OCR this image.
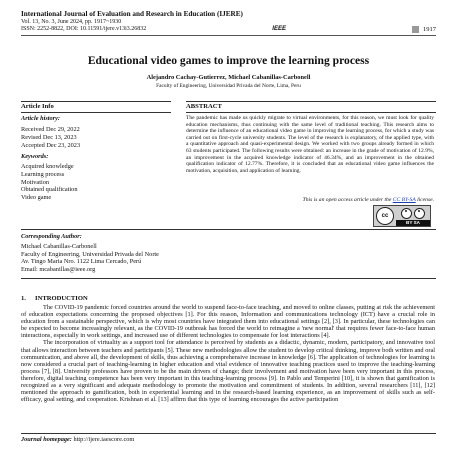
International Journal of Evaluation and Research in Education (IJERE)
Vol. 13, No. 3, June 2024, pp. 1917~1930
ISSN: 2252-8822, DOI: 10.11591/ijere.v13i3.26832	IEEE	1917
Educational video games to improve the learning process
Alejandro Cachay-Gutierrez, Michael Cabanillas-Carbonell
Faculty of Engineering, Universidad Privada del Norte, Lima, Peru
Article Info	ABSTRACT
Article history:
Received Dec 29, 2022
Revised Dec 13, 2023
Accepted Dec 23, 2023
Keywords:
Acquired knowledge
Learning process
Motivation
Obtained qualification
Video game
The pandemic has made us quickly migrate to virtual environments, for this reason, we must look for quality education mechanisms, thus continuing with the same level of traditional teaching. This research aims to determine the influence of an educational video game in improving the learning process, for which a study was carried out on first-cycle university students. The level of the research is explanatory, of the applied type, with a quantitative approach and quasi-experimental design. We worked with two groups already formed in which 63 students participated. The following results were obtained: an increase in the grade of motivation of 12.9%, an improvement in the acquired knowledge indicator of 46.34%, and an improvement in the obtained qualification indicator of 12.77%. Therefore, it is concluded that an educational video game influences the motivation, acquisition, and application of learning.
This is an open access article under the CC BY-SA license.
cc
BY SA
Corresponding Author:
Michael Cabanillas-Carbonell
Faculty of Engineering, Universidad Privada del Norte
Av. Tingo Maria Nro. 1122 Lima Cercado, Perú
Email: mcabanillas@ieee.org
1. INTRODUCTION

The COVID-19 pandemic forced countries around the world to suspend face-to-face teaching, and moved to online classes, putting at risk the achievement of education expectations concerning the proposed objectives [1]. For this reason, Information and communications technology (ICT) have a crucial role in education from a sustainable perspective, which is why most countries have integrated them into educational settings [2], [3]. In particular, these technologies can be expected to become increasingly relevant, as the COVID-19 outbreak has forced the world to reimagine a 'new normal' that requires fewer face-to-face human interactions, especially in work settings, and increased use of different technologies to compensate for lost interactions [4].

The incorporation of virtuality as a support tool for attendance is perceived by students as a didactic, dynamic, modern, participatory, and innovative tool that allows interaction between teachers and participants [5]. These new methodologies allow the student to develop critical thinking, improve both written and oral communication, and above all, the development of skills, thus achieving a comprehensive increase in knowledge [6]. The application of technologies for learning is now considered a crucial part of teaching-learning in higher education and vital evidence of innovative teaching practices used to improve the teaching-learning process [7], [8]. University professors have proven to be the main drivers of change; their involvement and motivation have been very important in this process, therefore, digital teaching competence has been very important in this teaching-learning process [9]. In Pablo and Temperini [10], it is shown that gamification is recognized as a very significant and adequate methodology to promote the motivation and commitment of students. In addition, several researchers [11], [12] mentioned the approach to gamification, both in experiential learning and in the research-based learning experience, as an improvement of skills such as self-efficacy, goal setting, and cooperation. Krishnan et al. [13] affirm that this type of learning encourages the active participation

Journal homepage: http://ijere.iaescore.com
